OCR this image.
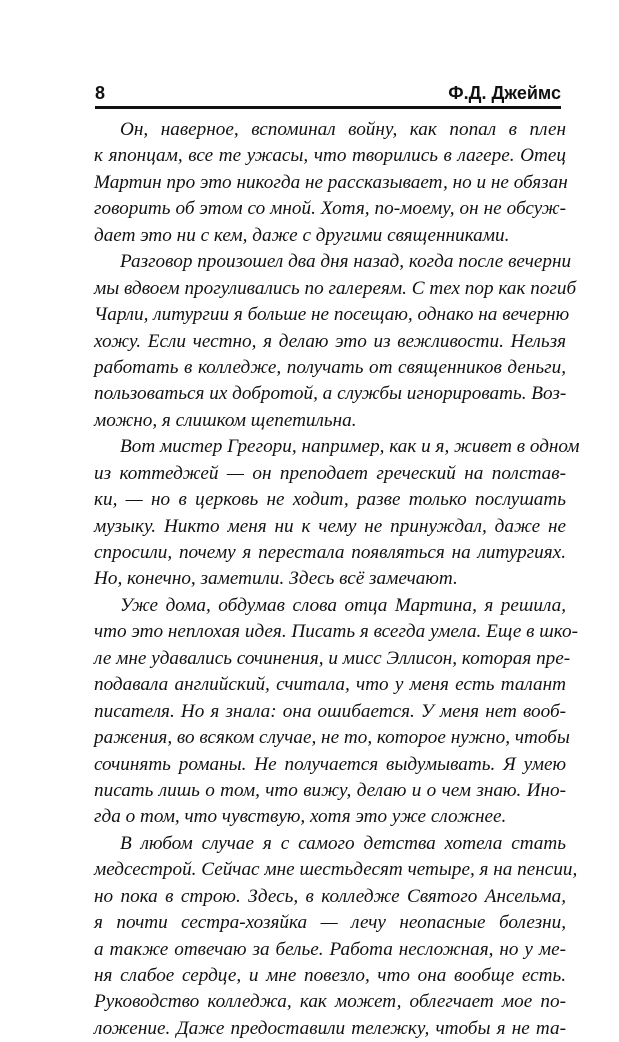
8	Ф.Д. Джеймс
Он, наверное, вспоминал войну, как попал в плен
к японцам, все те ужасы, что творились в лагере. Отец
Мартин про это никогда не рассказывает, но и не обязан
говорить об этом со мной. Хотя, по-моему, он не обсуж-
дает это ни с кем, даже с другими священниками.
Разговор произошел два дня назад, когда после вечерни
мы вдвоем прогуливались по галереям. С тех пор как погиб
Чарли, литургии я больше не посещаю, однако на вечерню
хожу. Если честно, я делаю это из вежливости. Нельзя
работать в колледже, получать от священников деньги,
пользоваться их добротой, а службы игнорировать. Воз-
можно, я слишком щепетильна.
Вот мистер Грегори, например, как и я, живет в одном
из коттеджей — он преподает греческий на полстав-
ки, — но в церковь не ходит, разве только послушать
музыку. Никто меня ни к чему не принуждал, даже не
спросили, почему я перестала появляться на литургиях.
Но, конечно, заметили. Здесь всё замечают.
Уже дома, обдумав слова отца Мартина, я решила,
что это неплохая идея. Писать я всегда умела. Еще в шко-
ле мне удавались сочинения, и мисс Эллисон, которая пре-
подавала английский, считала, что у меня есть талант
писателя. Но я знала: она ошибается. У меня нет вооб-
ражения, во всяком случае, не то, которое нужно, чтобы
сочинять романы. Не получается выдумывать. Я умею
писать лишь о том, что вижу, делаю и о чем знаю. Ино-
гда о том, что чувствую, хотя это уже сложнее.
В любом случае я с самого детства хотела стать
медсестрой. Сейчас мне шестьдесят четыре, я на пенсии,
но пока в строю. Здесь, в колледже Святого Ансельма,
я почти сестра-хозяйка — лечу неопасные болезни,
а также отвечаю за белье. Работа несложная, но у ме-
ня слабое сердце, и мне повезло, что она вообще есть.
Руководство колледжа, как может, облегчает мое по-
ложение. Даже предоставили тележку, чтобы я не та-
